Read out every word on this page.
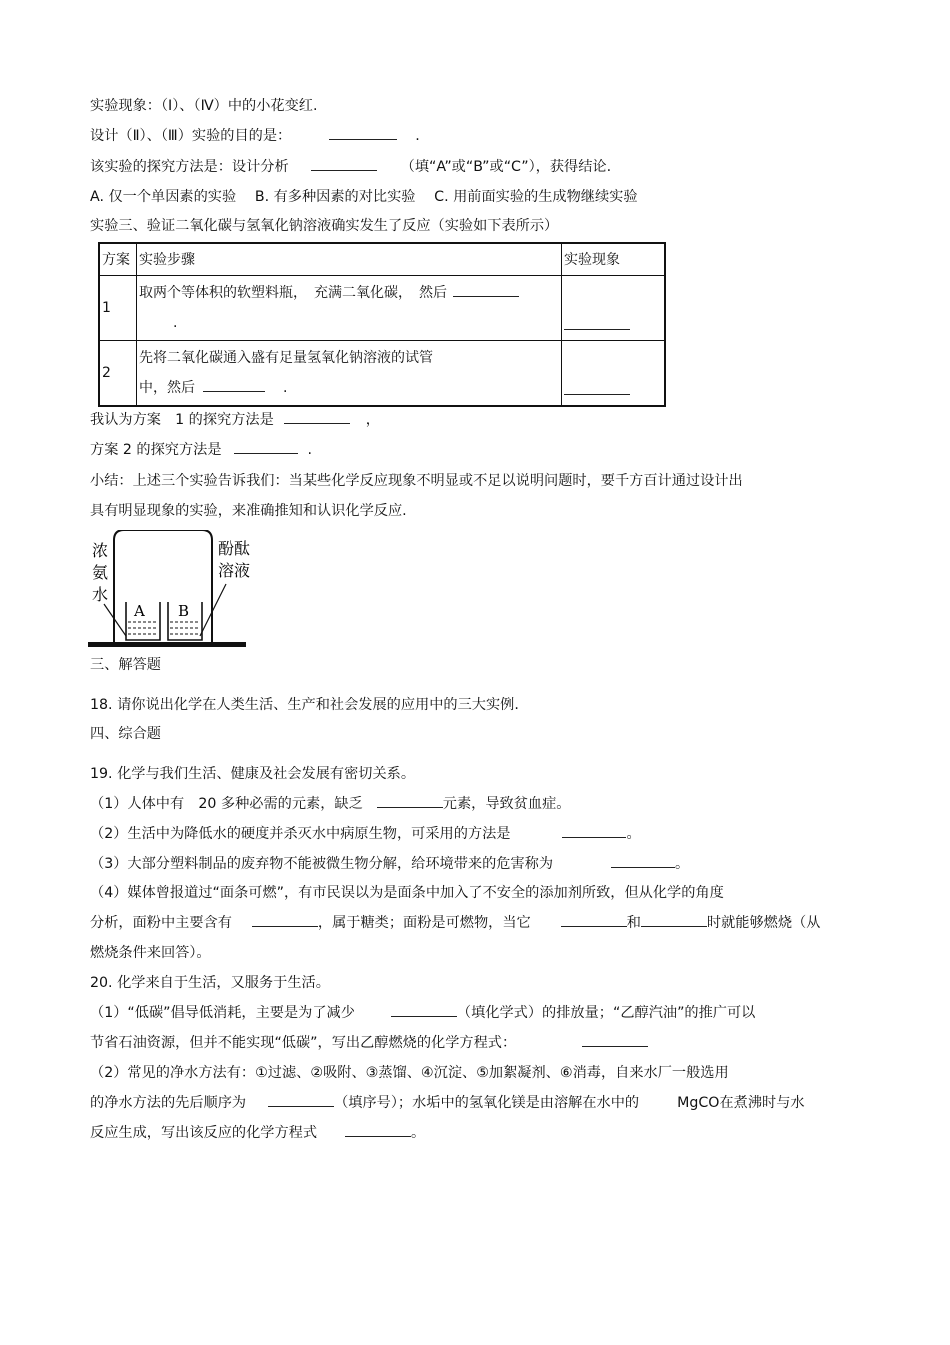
实验现象：（Ⅰ）、（Ⅳ）中的小花变红.
设计（Ⅱ）、（Ⅲ）实验的目的是：	.
该实验的探究方法是：设计分析	（填“A”或“B”或“C”），获得结论.
A. 仅一个单因素的实验　 B. 有多种因素的对比实验　 C. 用前面实验的生成物继续实验
实验三、验证二氧化碳与氢氧化钠溶液确实发生了反应（实验如下表所示）
方案	实验步骤	实验现象
1	取两个等体积的软塑料瓶，　充满二氧化碳，　然后
.	

2	先将二氧化碳通入盛有足量氢氧化钠溶液的试管
中，然后 .	

我认为方案　1 的探究方法是	，
方案 2 的探究方法是	.
小结：上述三个实验告诉我们：当某些化学反应现象不明显或不足以说明问题时，要千方百计通过设计出
具有明显现象的实验，来准确推知和认识化学反应.
A B
浓
氨
水
酚酞
溶液
三、解答题
18. 请你说出化学在人类生活、生产和社会发展的应用中的三大实例.
四、综合题
19. 化学与我们生活、健康及社会发展有密切关系。
（1）人体中有　20 多种必需的元素，缺乏	元素，导致贫血症。
（2）生活中为降低水的硬度并杀灭水中病原生物，可采用的方法是	。
（3）大部分塑料制品的废弃物不能被微生物分解，给环境带来的危害称为	。
（4）媒体曾报道过“面条可燃”，有市民误以为是面条中加入了不安全的添加剂所致，但从化学的角度
分析，面粉中主要含有	，属于糖类；面粉是可燃物，当它	和	时就能够燃烧（从
燃烧条件来回答）。
20. 化学来自于生活，又服务于生活。
（1）“低碳”倡导低消耗，主要是为了减少	（填化学式）的排放量；“乙醇汽油”的推广可以
节省石油资源，但并不能实现“低碳”，写出乙醇燃烧的化学方程式：
（2）常见的净水方法有：①过滤、②吸附、③蒸馏、④沉淀、⑤加絮凝剂、⑥消毒，自来水厂一般选用
的净水方法的先后顺序为	（填序号）；水垢中的氢氧化镁是由溶解在水中的	MgCO在煮沸时与水
反应生成，写出该反应的化学方程式	。
